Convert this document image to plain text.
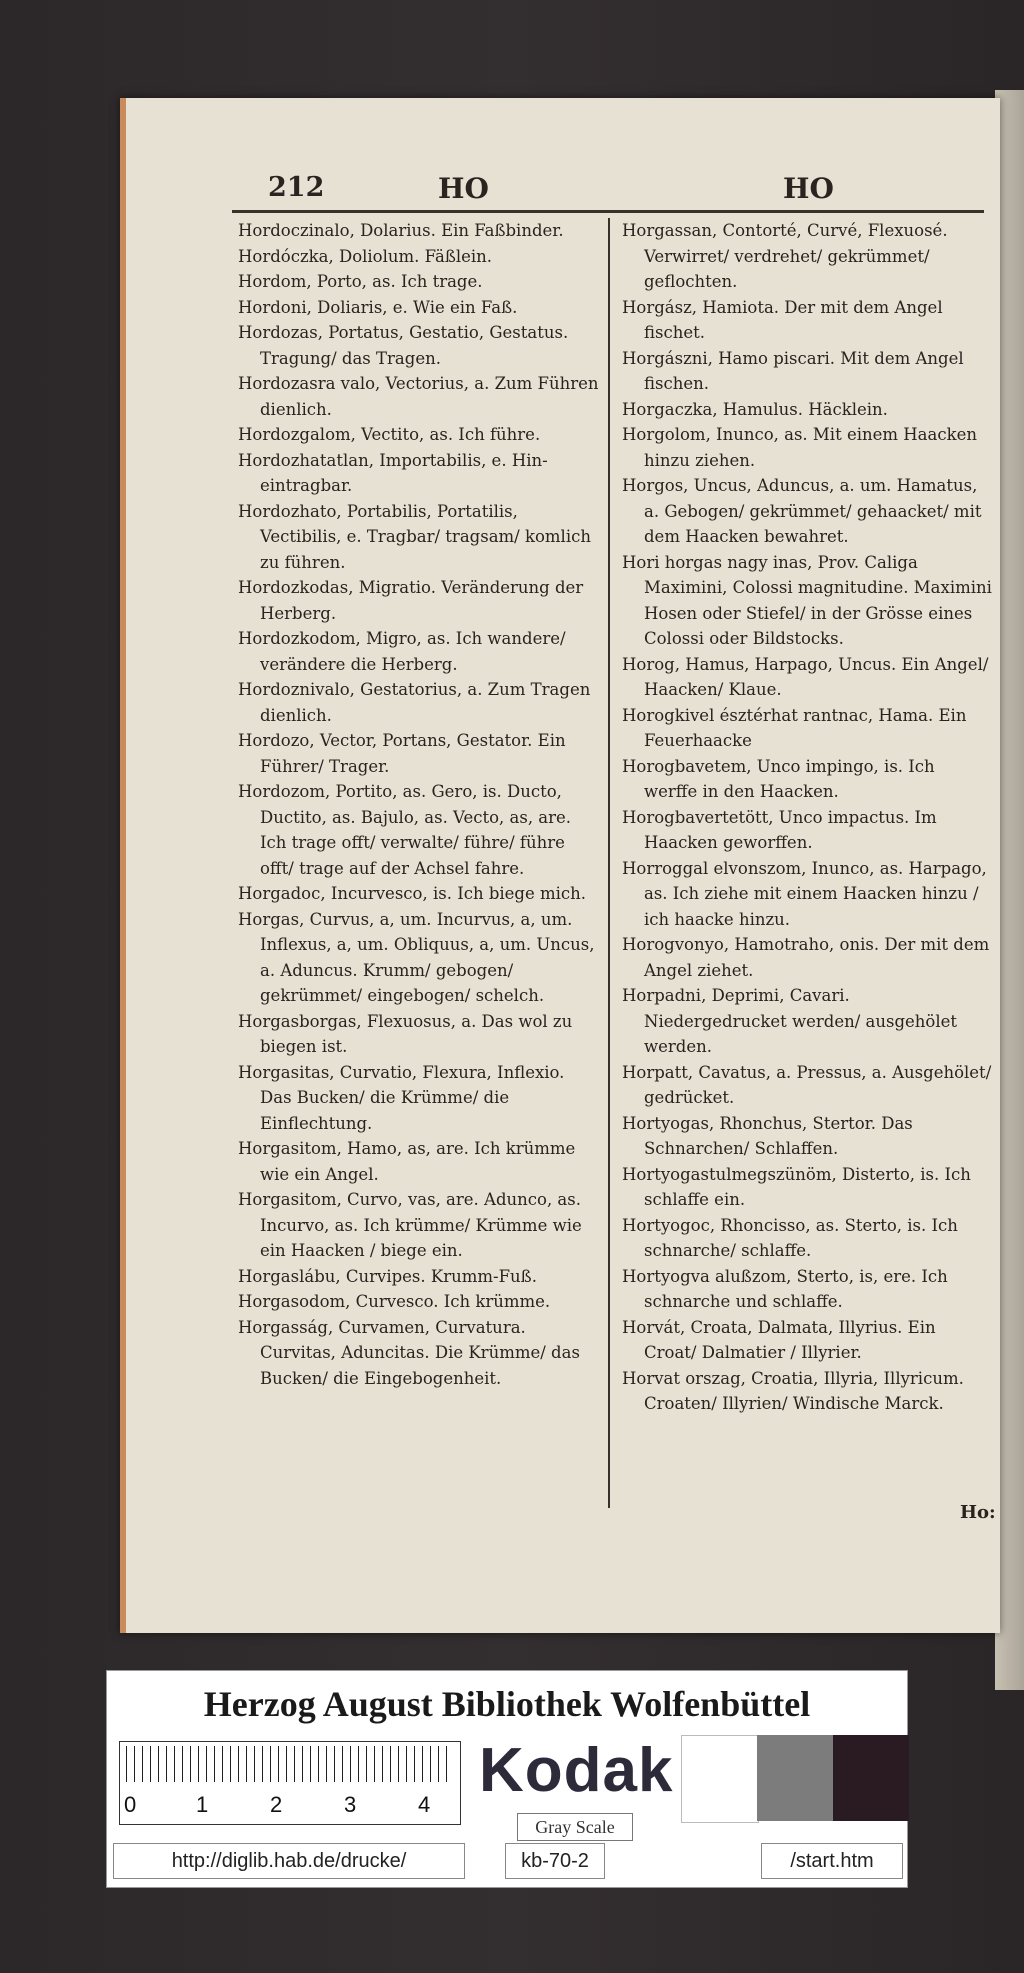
212	HO	HO

Hordoczinalo, Dolarius. Ein Faßbinder.

Hordóczka, Doliolum. Fäßlein.

Hordom, Porto, as. Ich trage.

Hordoni, Doliaris, e. Wie ein Faß.

Hordozas, Portatus, Gestatio, Gestatus. Tragung/ das Tragen.

Hordozasra valo, Vectorius, a. Zum Führen dienlich.

Hordozgalom, Vectito, as. Ich führe.

Hordozhatatlan, Importabilis, e. Hin-eintragbar.

Hordozhato, Portabilis, Portatilis, Vectibilis, e. Tragbar/ tragsam/ komlich zu führen.

Hordozkodas, Migratio. Veränderung der Herberg.

Hordozkodom, Migro, as. Ich wandere/ verändere die Herberg.

Hordoznivalo, Gestatorius, a. Zum Tragen dienlich.

Hordozo, Vector, Portans, Gestator. Ein Führer/ Trager.

Hordozom, Portito, as. Gero, is. Ducto, Ductito, as. Bajulo, as. Vecto, as, are. Ich trage offt/ verwalte/ führe/ führe offt/ trage auf der Achsel fahre.

Horgadoc, Incurvesco, is. Ich biege mich.

Horgas, Curvus, a, um. Incurvus, a, um. Inflexus, a, um. Obliquus, a, um. Uncus, a. Aduncus. Krumm/ gebogen/ gekrümmet/ eingebogen/ schelch.

Horgasborgas, Flexuosus, a. Das wol zu biegen ist.

Horgasitas, Curvatio, Flexura, Inflexio. Das Bucken/ die Krümme/ die Einflechtung.

Horgasitom, Hamo, as, are. Ich krümme wie ein Angel.

Horgasitom, Curvo, vas, are. Adunco, as. Incurvo, as. Ich krümme/ Krümme wie ein Haacken / biege ein.

Horgaslábu, Curvipes. Krumm-Fuß.

Horgasodom, Curvesco. Ich krümme.

Horgasság, Curvamen, Curvatura. Curvitas, Aduncitas. Die Krümme/ das Bucken/ die Eingebogenheit.

Horgassan, Contorté, Curvé, Flexuosé. Verwirret/ verdrehet/ gekrümmet/ geflochten.

Horgász, Hamiota. Der mit dem Angel fischet.

Horgászni, Hamo piscari. Mit dem Angel fischen.

Horgaczka, Hamulus. Häcklein.

Horgolom, Inunco, as. Mit einem Haacken hinzu ziehen.

Horgos, Uncus, Aduncus, a. um. Hamatus, a. Gebogen/ gekrümmet/ gehaacket/ mit dem Haacken bewahret.

Hori horgas nagy inas, Prov. Caliga Maximini, Colossi magnitudine. Maximini Hosen oder Stiefel/ in der Grösse eines Colossi oder Bildstocks.

Horog, Hamus, Harpago, Uncus. Ein Angel/ Haacken/ Klaue.

Horogkivel észtérhat rantnac, Hama. Ein Feuerhaacke

Horogbavetem, Unco impingo, is. Ich werffe in den Haacken.

Horogbavertetött, Unco impactus. Im Haacken geworffen.

Horroggal elvonszom, Inunco, as. Harpago, as. Ich ziehe mit einem Haacken hinzu / ich haacke hinzu.

Horogvonyo, Hamotraho, onis. Der mit dem Angel ziehet.

Horpadni, Deprimi, Cavari. Niedergedrucket werden/ ausgehölet werden.

Horpatt, Cavatus, a. Pressus, a. Ausgehölet/ gedrücket.

Hortyogas, Rhonchus, Stertor. Das Schnarchen/ Schlaffen.

Hortyogastulmegszünöm, Disterto, is. Ich schlaffe ein.

Hortyogoc, Rhoncisso, as. Sterto, is. Ich schnarche/ schlaffe.

Hortyogva alußzom, Sterto, is, ere. Ich schnarche und schlaffe.

Horvát, Croata, Dalmata, Illyrius. Ein Croat/ Dalmatier / Illyrier.

Horvat orszag, Croatia, Illyria, Illyricum. Croaten/ Illyrien/ Windische Marck.

Ho:
Herzog August Bibliothek Wolfenbüttel
0	1	2	3	4 Kodak
Gray Scale
http://diglib.hab.de/drucke/	kb-70-2	/start.htm
